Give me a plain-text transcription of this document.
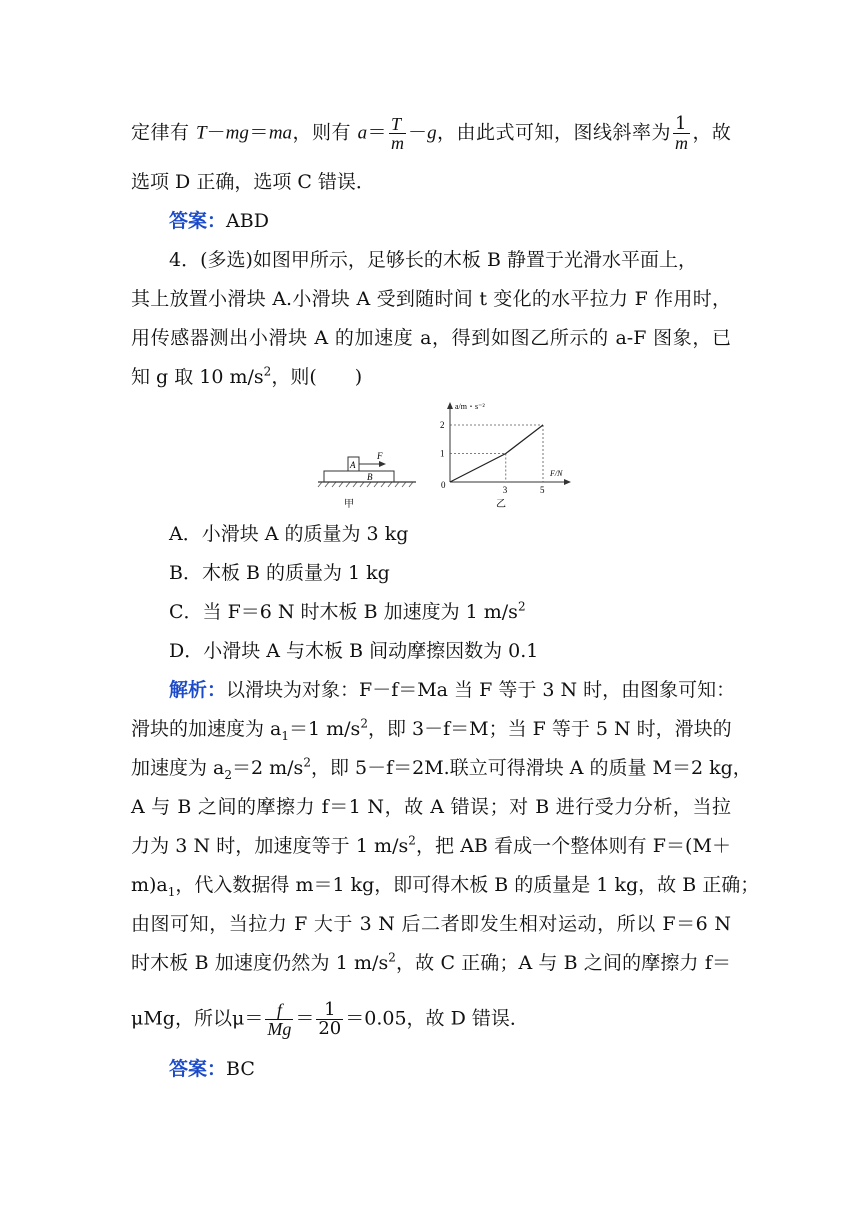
定律有 T－mg＝ma，则有 $a= \frac{T}{m} -g$，由此式可知，图线斜率为 $\frac{1}{m}$ ，故
选项 D 正确，选项 C 错误．
答案：ABD
4．(多选)如图甲所示，足够长的木板 B 静置于光滑水平面上，
其上放置小滑块 A.小滑块 A 受到随时间 t 变化的水平拉力 F 作用时，
用传感器测出小滑块 A 的加速度 a，得到如图乙所示的 a-F 图象，已
知 g 取 10 $m/s^2$，则(　　)
B
A
F
甲
3	5
1
2
a/m・s⁻²
F/N
0
乙
A．小滑块 A 的质量为 3 kg
B．木板 B 的质量为 1 kg
C．当 F＝6 N 时木板 B 加速度为 1 $m/s^2$
D．小滑块 A 与木板 B 间动摩擦因数为 0.1
解析：以滑块为对象：F－f＝Ma 当 F 等于 3 N 时，由图象可知：
滑块的加速度为 $a_1=1$ $m/s^2$，即 3－f＝M；当 F 等于 5 N 时，滑块的
加速度为 $a_2=2$ $m/s^2$，即 5－f＝2M.联立可得滑块 A 的质量 M＝2 kg，
A 与 B 之间的摩擦力 f＝1 N，故 A 错误；对 B 进行受力分析，当拉
力为 3 N 时，加速度等于 1 $m/s^2$，把 AB 看成一个整体则有 F＝(M＋
$m)a_1$，代入数据得 m＝1 kg，即可得木板 B 的质量是 1 kg，故 B 正确；
由图可知，当拉力 F 大于 3 N 后二者即发生相对运动，所以 F＝6 N
时木板 B 加速度仍然为 1 $m/s^2$，故 C 正确；A 与 B 之间的摩擦力 f＝
μMg，所以$\mu= \frac{f}{Mg} = \frac{1}{20} =0.05$，故 D 错误．
答案：BC
